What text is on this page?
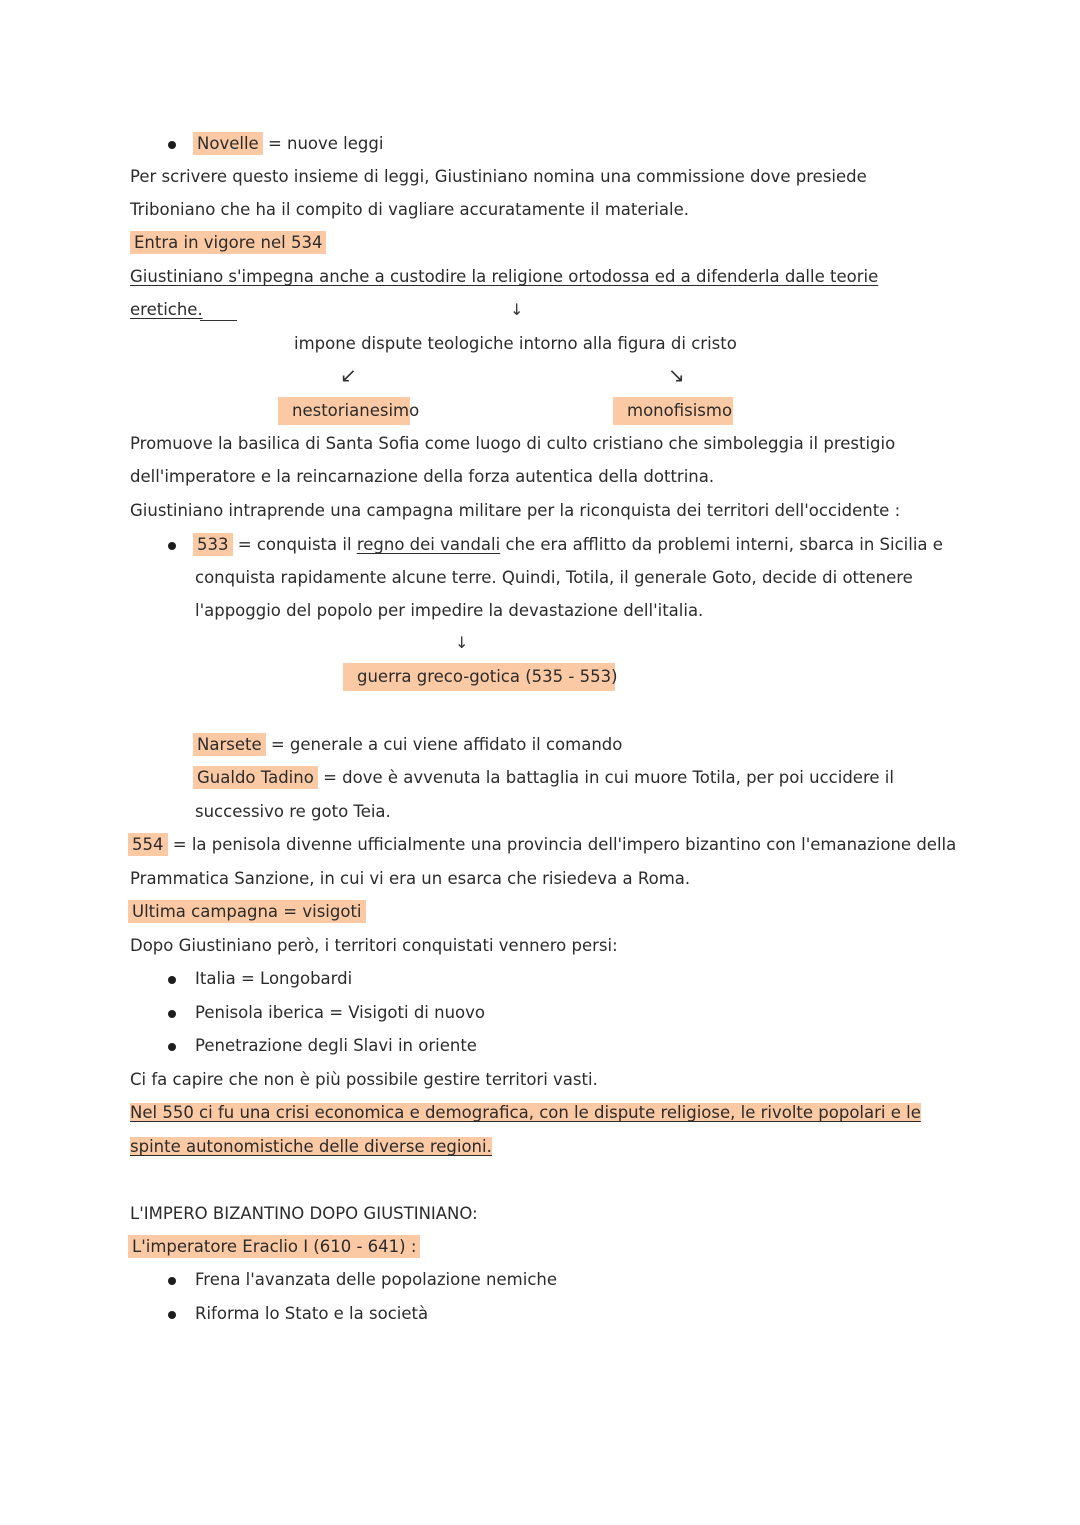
Novelle = nuove leggi
Per scrivere questo insieme di leggi, Giustiniano nomina una commissione dove presiede
Triboniano che ha il compito di vagliare accuratamente il materiale.
Entra in vigore nel 534
Giustiniano s'impegna anche a custodire la religione ortodossa ed a difenderla dalle teorie
eretiche.	↓
impone dispute teologiche intorno alla figura di cristo
↙	↘
nestorianesimo	monofisismo
Promuove la basilica di Santa Sofia come luogo di culto cristiano che simboleggia il prestigio
dell'imperatore e la reincarnazione della forza autentica della dottrina.
Giustiniano intraprende una campagna militare per la riconquista dei territori dell'occidente :
533 = conquista il regno dei vandali che era afflitto da problemi interni, sbarca in Sicilia e
conquista rapidamente alcune terre. Quindi, Totila, il generale Goto, decide di ottenere
l'appoggio del popolo per impedire la devastazione dell'italia.
↓
guerra greco-gotica (535 - 553)
Narsete = generale a cui viene affidato il comando
Gualdo Tadino = dove è avvenuta la battaglia in cui muore Totila, per poi uccidere il
successivo re goto Teia.
554 = la penisola divenne ufficialmente una provincia dell'impero bizantino con l'emanazione della
Prammatica Sanzione, in cui vi era un esarca che risiedeva a Roma.
Ultima campagna = visigoti
Dopo Giustiniano però, i territori conquistati vennero persi:
Italia = Longobardi
Penisola iberica = Visigoti di nuovo
Penetrazione degli Slavi in oriente
Ci fa capire che non è più possibile gestire territori vasti.
Nel 550 ci fu una crisi economica e demografica, con le dispute religiose, le rivolte popolari e le
spinte autonomistiche delle diverse regioni.
L'IMPERO BIZANTINO DOPO GIUSTINIANO:
L'imperatore Eraclio I (610 - 641) :
Frena l'avanzata delle popolazione nemiche
Riforma lo Stato e la società
